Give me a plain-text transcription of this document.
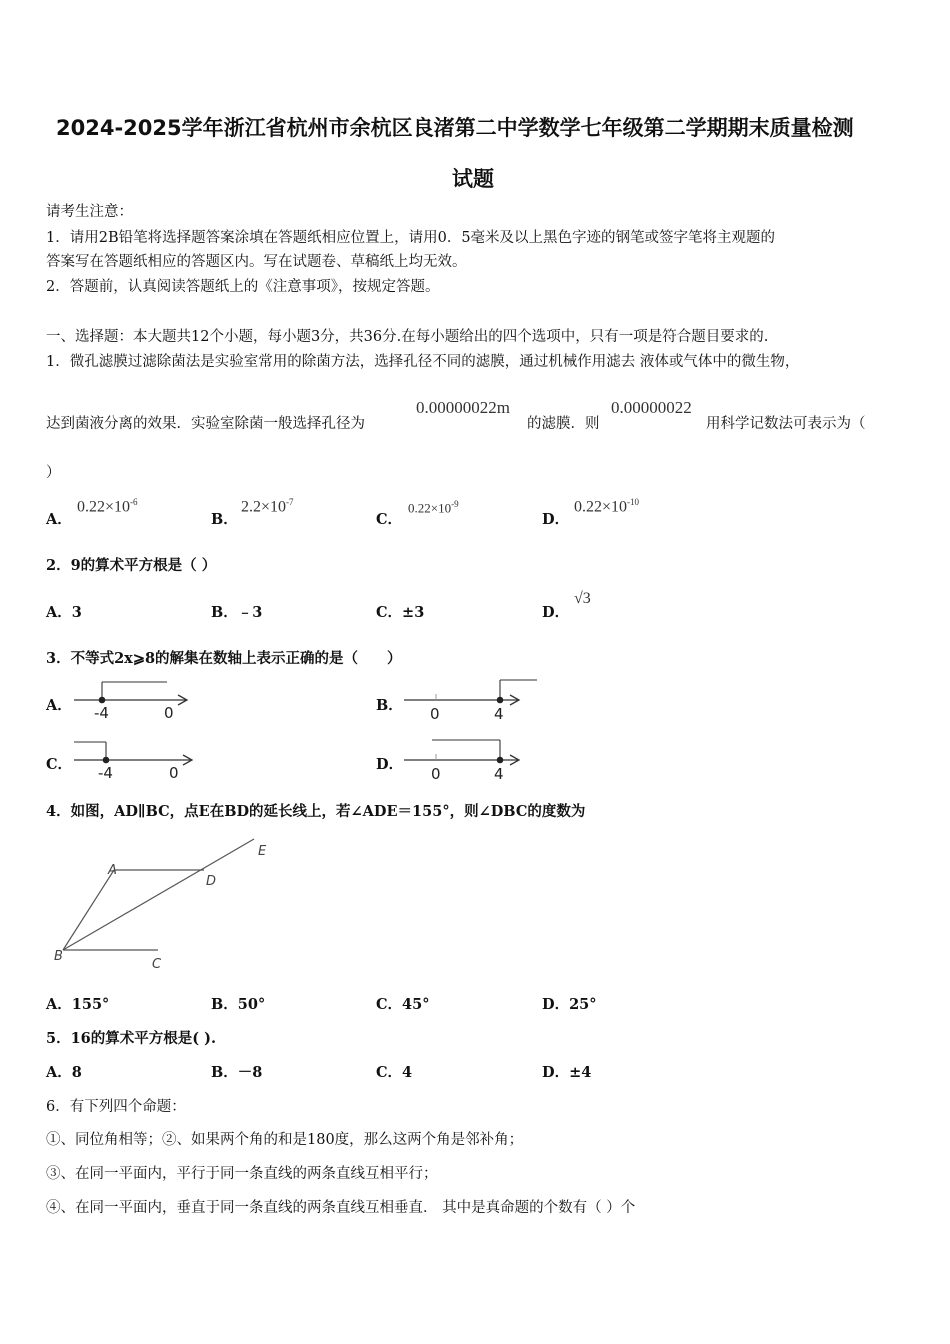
2024-2025学年浙江省杭州市余杭区良渚第二中学数学七年级第二学期期末质量检测
试题
请考生注意：
1．请用2B铅笔将选择题答案涂填在答题纸相应位置上，请用0．5毫米及以上黑色字迹的钢笔或签字笔将主观题的
答案写在答题纸相应的答题区内。写在试题卷、草稿纸上均无效。
2．答题前，认真阅读答题纸上的《注意事项》，按规定答题。
一、选择题：本大题共12个小题，每小题3分，共36分.在每小题给出的四个选项中，只有一项是符合题目要求的.
1．微孔滤膜过滤除菌法是实验室常用的除菌方法，选择孔径不同的滤膜，通过机械作用滤去 液体或气体中的微生物，
达到菌液分离的效果．实验室除菌一般选择孔径为
0.00000022m
的滤膜．则
0.00000022
用科学记数法可表示为（
）
A．
$0.22\times 10^{-6}$
B．
$2.2\times 10^{-7}$
C．
$0.22\times 10^{-9}$
D．
$0.22\times 10^{-10}$
2．9的算术平方根是（ ）
A．3	B．﹣3	C．±3	D．
√3
3．不等式2x⩾8的解集在数轴上表示正确的是（　　）
A． -4	0	B． 0	4
C． -4	0	D．
0	4
4．如图，AD∥BC，点E在BD的延长线上，若∠ADE＝155°，则∠DBC的度数为
A
B
C
D
E
A．155°	B．50°	C．45°	D．25°
5．16的算术平方根是( ).
A．8	B．－8	C．4	D．±4
6．有下列四个命题：
①、同位角相等；②、如果两个角的和是180度，那么这两个角是邻补角；
③、在同一平面内，平行于同一条直线的两条直线互相平行；
④、在同一平面内，垂直于同一条直线的两条直线互相垂直． 其中是真命题的个数有（ ）个
